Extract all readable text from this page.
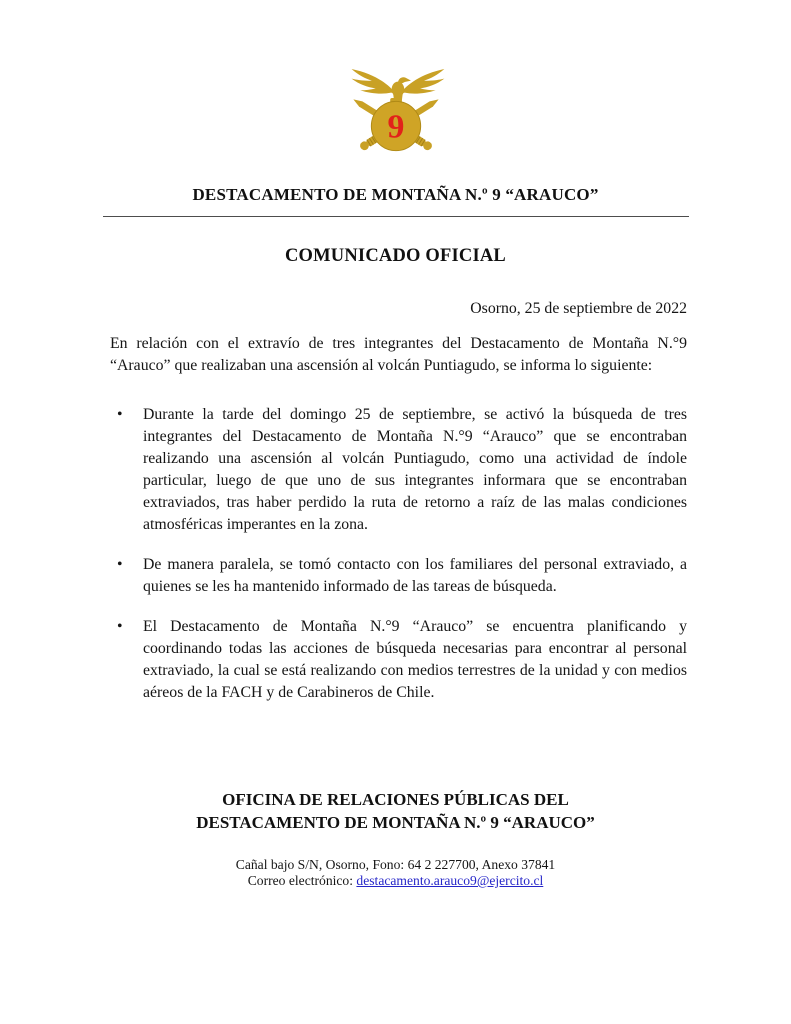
9
DESTACAMENTO DE MONTAÑA N.º 9 “ARAUCO”
COMUNICADO OFICIAL
Osorno, 25 de septiembre de 2022

En relación con el extravío de tres integrantes del Destacamento de Montaña N.°9 “Arauco” que realizaban una ascensión al volcán Puntiagudo, se informa lo siguiente:

• Durante la tarde del domingo 25 de septiembre, se activó la búsqueda de tres integrantes del Destacamento de Montaña N.°9 “Arauco” que se encontraban realizando una ascensión al volcán Puntiagudo, como una actividad de índole particular, luego de que uno de sus integrantes informara que se encontraban extraviados, tras haber perdido la ruta de retorno a raíz de las malas condiciones atmosféricas imperantes en la zona.
• De manera paralela, se tomó contacto con los familiares del personal extraviado, a quienes se les ha mantenido informado de las tareas de búsqueda.
• El Destacamento de Montaña N.°9 “Arauco” se encuentra planificando y coordinando todas las acciones de búsqueda necesarias para encontrar al personal extraviado, la cual se está realizando con medios terrestres de la unidad y con medios aéreos de la FACH y de Carabineros de Chile.
OFICINA DE RELACIONES PÚBLICAS DEL
DESTACAMENTO DE MONTAÑA N.º 9 “ARAUCO”
Cañal bajo S/N, Osorno, Fono: 64 2 227700, Anexo 37841
Correo electrónico: destacamento.arauco9@ejercito.cl
